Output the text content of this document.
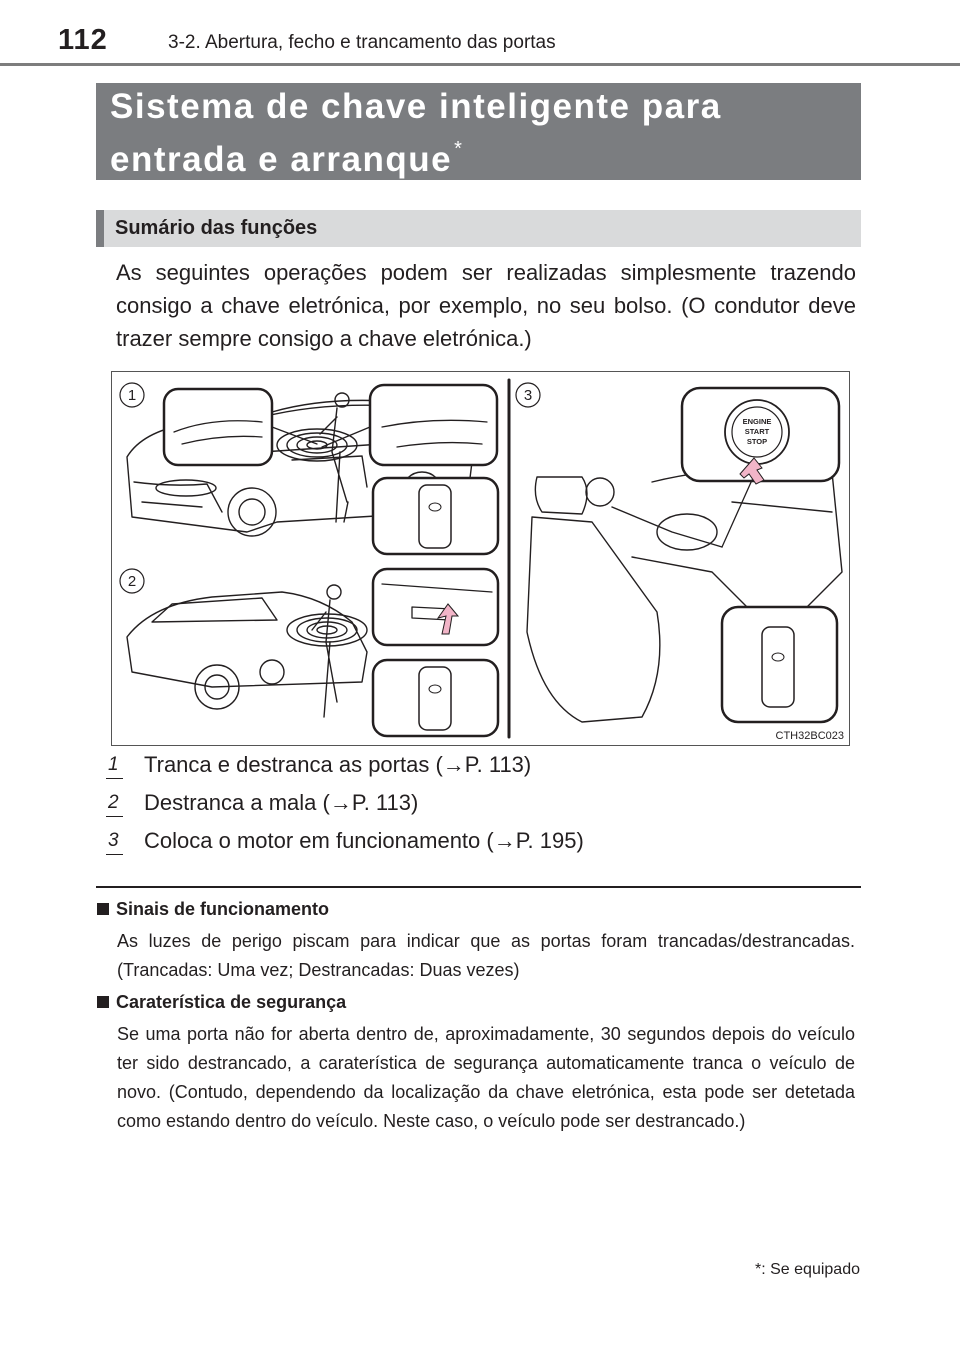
112	3-2. Abertura, fecho e trancamento das portas
Sistema de chave inteligente para
entrada e arranque *
Sumário das funções
As seguintes operações podem ser realizadas simplesmente trazendo consigo a chave eletrónica, por exemplo, no seu bolso. (O condutor deve trazer sempre consigo a chave eletrónica.)
ENGINE
START
STOP
1
2
3
CTH32BC023
1 Tranca e destranca as portas (→P. 113)
2 Destranca a mala (→P. 113)
3 Coloca o motor em funcionamento (→P. 195)
Sinais de funcionamento
As luzes de perigo piscam para indicar que as portas foram trancadas/destrancadas. (Trancadas: Uma vez; Destrancadas: Duas vezes)
Caraterística de segurança
Se uma porta não for aberta dentro de, aproximadamente, 30 segundos depois do veículo ter sido destrancado, a caraterística de segurança automaticamente tranca o veículo de novo. (Contudo, dependendo da localização da chave eletrónica, esta pode ser detetada como estando dentro do veículo. Neste caso, o veículo pode ser destrancado.)
*: Se equipado
